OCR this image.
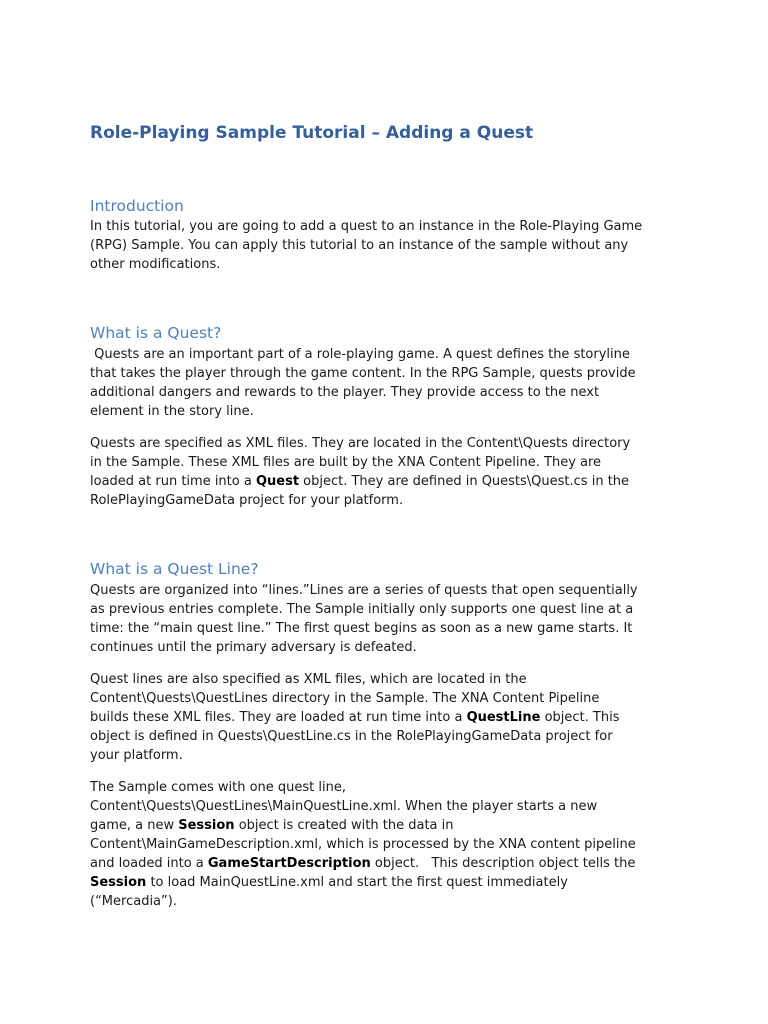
Role-Playing Sample Tutorial – Adding a Quest
Introduction

In this tutorial, you are going to add a quest to an instance in the Role-Playing Game
(RPG) Sample. You can apply this tutorial to an instance of the sample without any
other modifications.

What is a Quest?

Quests are an important part of a role-playing game. A quest defines the storyline
that takes the player through the game content. In the RPG Sample, quests provide
additional dangers and rewards to the player. They provide access to the next
element in the story line.

Quests are specified as XML files. They are located in the Content\Quests directory
in the Sample. These XML files are built by the XNA Content Pipeline. They are
loaded at run time into a Quest object. They are defined in Quests\Quest.cs in the
RolePlayingGameData project for your platform.

What is a Quest Line?

Quests are organized into “lines.”Lines are a series of quests that open sequentially
as previous entries complete. The Sample initially only supports one quest line at a
time: the “main quest line.” The first quest begins as soon as a new game starts. It
continues until the primary adversary is defeated.

Quest lines are also specified as XML files, which are located in the
Content\Quests\QuestLines directory in the Sample. The XNA Content Pipeline
builds these XML files. They are loaded at run time into a QuestLine object. This
object is defined in Quests\QuestLine.cs in the RolePlayingGameData project for
your platform.

The Sample comes with one quest line,
Content\Quests\QuestLines\MainQuestLine.xml. When the player starts a new
game, a new Session object is created with the data in
Content\MainGameDescription.xml, which is processed by the XNA content pipeline
and loaded into a GameStartDescription object.   This description object tells the
Session to load MainQuestLine.xml and start the first quest immediately
(“Mercadia”).
